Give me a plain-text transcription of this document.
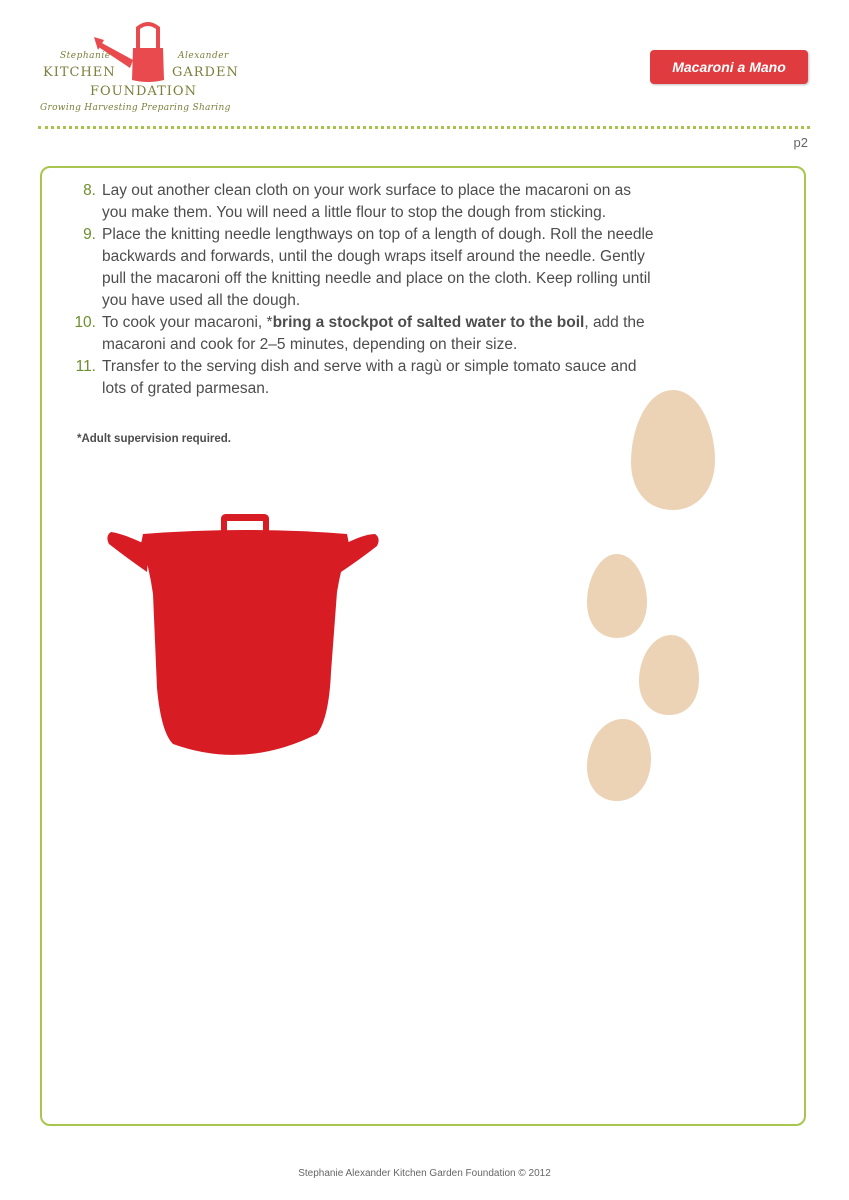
Stephanie	Alexander
KITCHEN	GARDEN
FOUNDATION
Growing Harvesting Preparing Sharing
Macaroni a Mano
p2
8. Lay out another clean cloth on your work surface to place the macaroni on as you make them. You will need a little flour to stop the dough from sticking.
9. Place the knitting needle lengthways on top of a length of dough. Roll the needle backwards and forwards, until the dough wraps itself around the needle. Gently pull the macaroni off the knitting needle and place on the cloth. Keep rolling until you have used all the dough.
10. To cook your macaroni, *bring a stockpot of salted water to the boil, add the macaroni and cook for 2–5 minutes, depending on their size.
11. Transfer to the serving dish and serve with a ragù or simple tomato sauce and lots of grated parmesan.
*Adult supervision required.
Stephanie Alexander Kitchen Garden Foundation © 2012
